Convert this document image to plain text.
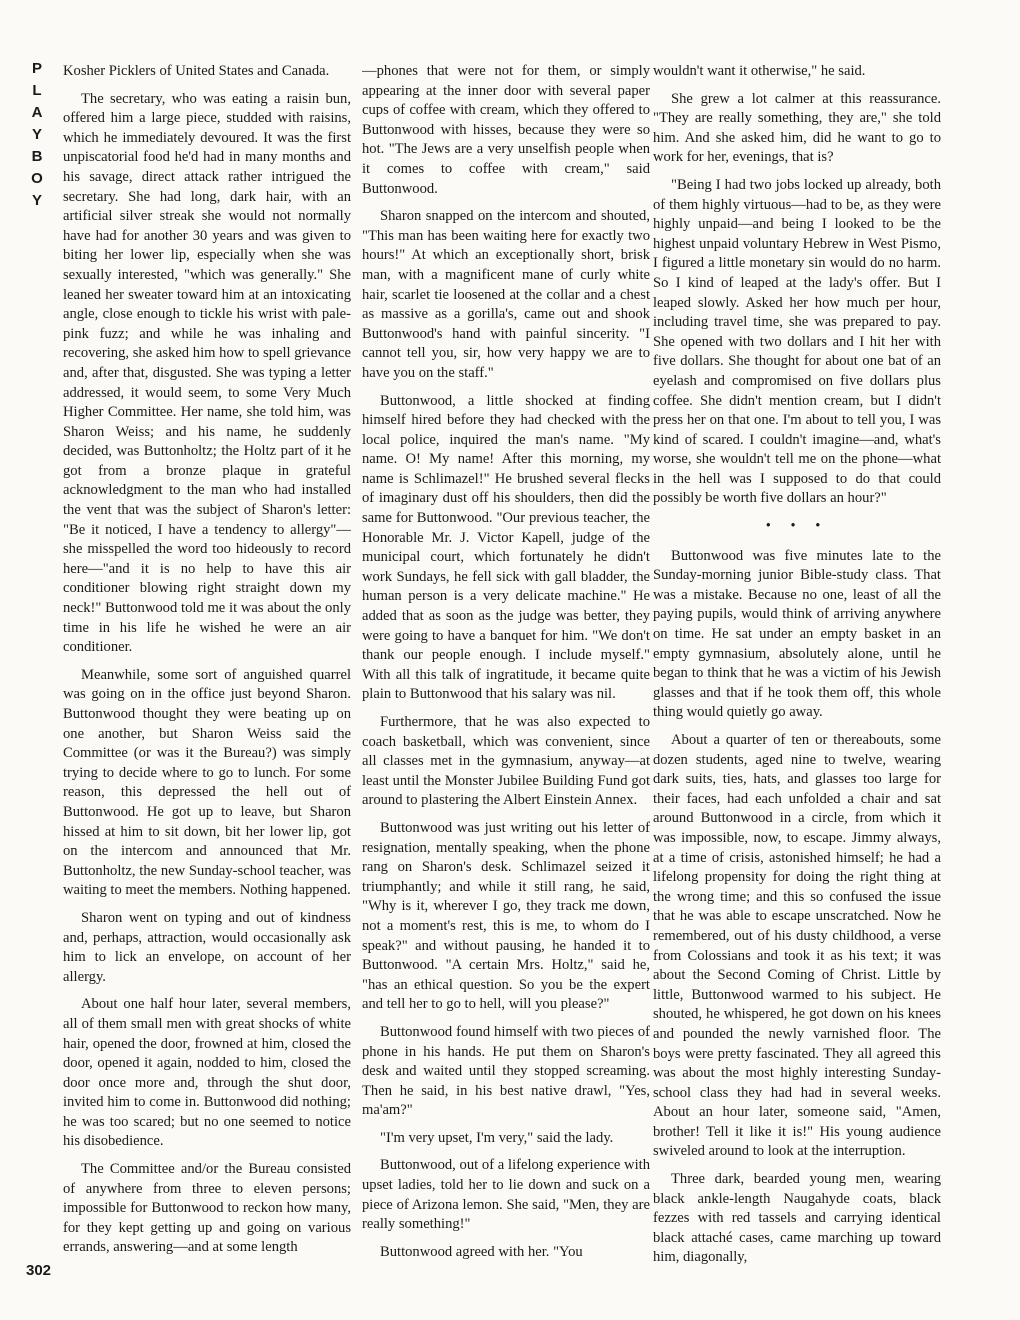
P
L
A
Y
B
O
Y
302

Kosher Picklers of United States and Canada.

The secretary, who was eating a raisin bun, offered him a large piece, studded with raisins, which he immediately devoured. It was the first unpiscatorial food he'd had in many months and his savage, direct attack rather intrigued the secretary. She had long, dark hair, with an artificial silver streak she would not normally have had for another 30 years and was given to biting her lower lip, especially when she was sexually interested, "which was generally." She leaned her sweater toward him at an intoxicating angle, close enough to tickle his wrist with pale-pink fuzz; and while he was inhaling and recovering, she asked him how to spell grievance and, after that, disgusted. She was typing a letter addressed, it would seem, to some Very Much Higher Committee. Her name, she told him, was Sharon Weiss; and his name, he suddenly decided, was Buttonholtz; the Holtz part of it he got from a bronze plaque in grateful acknowledgment to the man who had installed the vent that was the subject of Sharon's letter: "Be it noticed, I have a tendency to allergy"—she misspelled the word too hideously to record here—"and it is no help to have this air conditioner blowing right straight down my neck!" Buttonwood told me it was about the only time in his life he wished he were an air conditioner.

Meanwhile, some sort of anguished quarrel was going on in the office just beyond Sharon. Buttonwood thought they were beating up on one another, but Sharon Weiss said the Committee (or was it the Bureau?) was simply trying to decide where to go to lunch. For some reason, this depressed the hell out of Buttonwood. He got up to leave, but Sharon hissed at him to sit down, bit her lower lip, got on the intercom and announced that Mr. Buttonholtz, the new Sunday-school teacher, was waiting to meet the members. Nothing happened.

Sharon went on typing and out of kindness and, perhaps, attraction, would occasionally ask him to lick an envelope, on account of her allergy.

About one half hour later, several members, all of them small men with great shocks of white hair, opened the door, frowned at him, closed the door, opened it again, nodded to him, closed the door once more and, through the shut door, invited him to come in. Buttonwood did nothing; he was too scared; but no one seemed to notice his disobedience.

The Committee and/or the Bureau consisted of anywhere from three to eleven persons; impossible for Buttonwood to reckon how many, for they kept getting up and going on various errands, answering—and at some length

—phones that were not for them, or simply appearing at the inner door with several paper cups of coffee with cream, which they offered to Buttonwood with hisses, because they were so hot. "The Jews are a very unselfish people when it comes to coffee with cream," said Buttonwood.

Sharon snapped on the intercom and shouted, "This man has been waiting here for exactly two hours!" At which an exceptionally short, brisk man, with a magnificent mane of curly white hair, scarlet tie loosened at the collar and a chest as massive as a gorilla's, came out and shook Buttonwood's hand with painful sincerity. "I cannot tell you, sir, how very happy we are to have you on the staff."

Buttonwood, a little shocked at finding himself hired before they had checked with the local police, inquired the man's name. "My name. O! My name! After this morning, my name is Schlimazel!" He brushed several flecks of imaginary dust off his shoulders, then did the same for Buttonwood. "Our previous teacher, the Honorable Mr. J. Victor Kapell, judge of the municipal court, which fortunately he didn't work Sundays, he fell sick with gall bladder, the human person is a very delicate machine." He added that as soon as the judge was better, they were going to have a banquet for him. "We don't thank our people enough. I include myself." With all this talk of ingratitude, it became quite plain to Buttonwood that his salary was nil.

Furthermore, that he was also expected to coach basketball, which was convenient, since all classes met in the gymnasium, anyway—at least until the Monster Jubilee Building Fund got around to plastering the Albert Einstein Annex.

Buttonwood was just writing out his letter of resignation, mentally speaking, when the phone rang on Sharon's desk. Schlimazel seized it triumphantly; and while it still rang, he said, "Why is it, wherever I go, they track me down, not a moment's rest, this is me, to whom do I speak?" and without pausing, he handed it to Buttonwood. "A certain Mrs. Holtz," said he, "has an ethical question. So you be the expert and tell her to go to hell, will you please?"

Buttonwood found himself with two pieces of phone in his hands. He put them on Sharon's desk and waited until they stopped screaming. Then he said, in his best native drawl, "Yes, ma'am?"

"I'm very upset, I'm very," said the lady.

Buttonwood, out of a lifelong experience with upset ladies, told her to lie down and suck on a piece of Arizona lemon. She said, "Men, they are really something!"

Buttonwood agreed with her. "You

wouldn't want it otherwise," he said.

She grew a lot calmer at this reassurance. "They are really something, they are," she told him. And she asked him, did he want to go to work for her, evenings, that is?

"Being I had two jobs locked up already, both of them highly virtuous—had to be, as they were highly unpaid—and being I looked to be the highest unpaid voluntary Hebrew in West Pismo, I figured a little monetary sin would do no harm. So I kind of leaped at the lady's offer. But I leaped slowly. Asked her how much per hour, including travel time, she was prepared to pay. She opened with two dollars and I hit her with five dollars. She thought for about one bat of an eyelash and compromised on five dollars plus coffee. She didn't mention cream, but I didn't press her on that one. I'm about to tell you, I was kind of scared. I couldn't imagine—and, what's worse, she wouldn't tell me on the phone—what in the hell was I supposed to do that could possibly be worth five dollars an hour?"

• • •

Buttonwood was five minutes late to the Sunday-morning junior Bible-study class. That was a mistake. Because no one, least of all the paying pupils, would think of arriving anywhere on time. He sat under an empty basket in an empty gymnasium, absolutely alone, until he began to think that he was a victim of his Jewish glasses and that if he took them off, this whole thing would quietly go away.

About a quarter of ten or thereabouts, some dozen students, aged nine to twelve, wearing dark suits, ties, hats, and glasses too large for their faces, had each unfolded a chair and sat around Buttonwood in a circle, from which it was impossible, now, to escape. Jimmy always, at a time of crisis, astonished himself; he had a lifelong propensity for doing the right thing at the wrong time; and this so confused the issue that he was able to escape unscratched. Now he remembered, out of his dusty childhood, a verse from Colossians and took it as his text; it was about the Second Coming of Christ. Little by little, Buttonwood warmed to his subject. He shouted, he whispered, he got down on his knees and pounded the newly varnished floor. The boys were pretty fascinated. They all agreed this was about the most highly interesting Sunday-school class they had had in several weeks. About an hour later, someone said, "Amen, brother! Tell it like it is!" His young audience swiveled around to look at the interruption.

Three dark, bearded young men, wearing black ankle-length Naugahyde coats, black fezzes with red tassels and carrying identical black attaché cases, came marching up toward him, diagonally,
